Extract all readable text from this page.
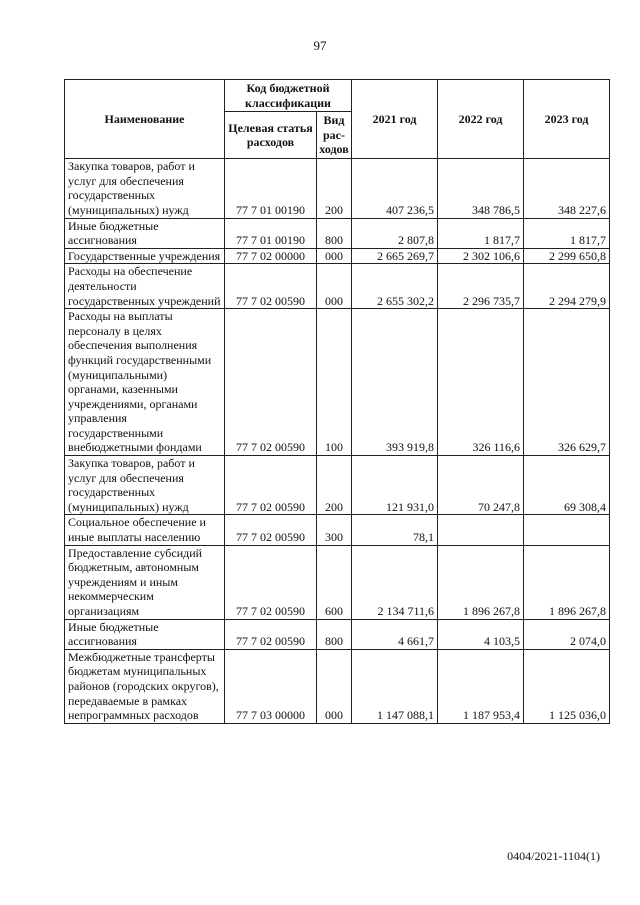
97
Наименование	Код бюджетной классификации		2021 год	2022 год	2023 год
	Целевая статья расходов	Вид рас-ходов			
Закупка товаров, работ и услуг для обеспечения государственных (муниципальных) нужд	77 7 01 00190	200	407 236,5	348 786,5	348 227,6
Иные бюджетные ассигнования	77 7 01 00190	800	2 807,8	1 817,7	1 817,7
Государственные учреждения	77 7 02 00000	000	2 665 269,7	2 302 106,6	2 299 650,8
Расходы на обеспечение деятельности государственных учреждений	77 7 02 00590	000	2 655 302,2	2 296 735,7	2 294 279,9
Расходы на выплаты персоналу в целях обеспечения выполнения функций государственными (муниципальными) органами, казенными учреждениями, органами управления государственными внебюджетными фондами	77 7 02 00590	100	393 919,8	326 116,6	326 629,7
Закупка товаров, работ и услуг для обеспечения государственных (муниципальных) нужд	77 7 02 00590	200	121 931,0	70 247,8	69 308,4
Социальное обеспечение и иные выплаты населению	77 7 02 00590	300	78,1		
Предоставление субсидий бюджетным, автономным учреждениям и иным некоммерческим организациям	77 7 02 00590	600	2 134 711,6	1 896 267,8	1 896 267,8
Иные бюджетные ассигнования	77 7 02 00590	800	4 661,7	4 103,5	2 074,0
Межбюджетные трансферты бюджетам муниципальных районов (городских округов), передаваемые в рамках непрограммных расходов	77 7 03 00000	000	1 147 088,1	1 187 953,4	1 125 036,0
0404/2021-1104(1)
